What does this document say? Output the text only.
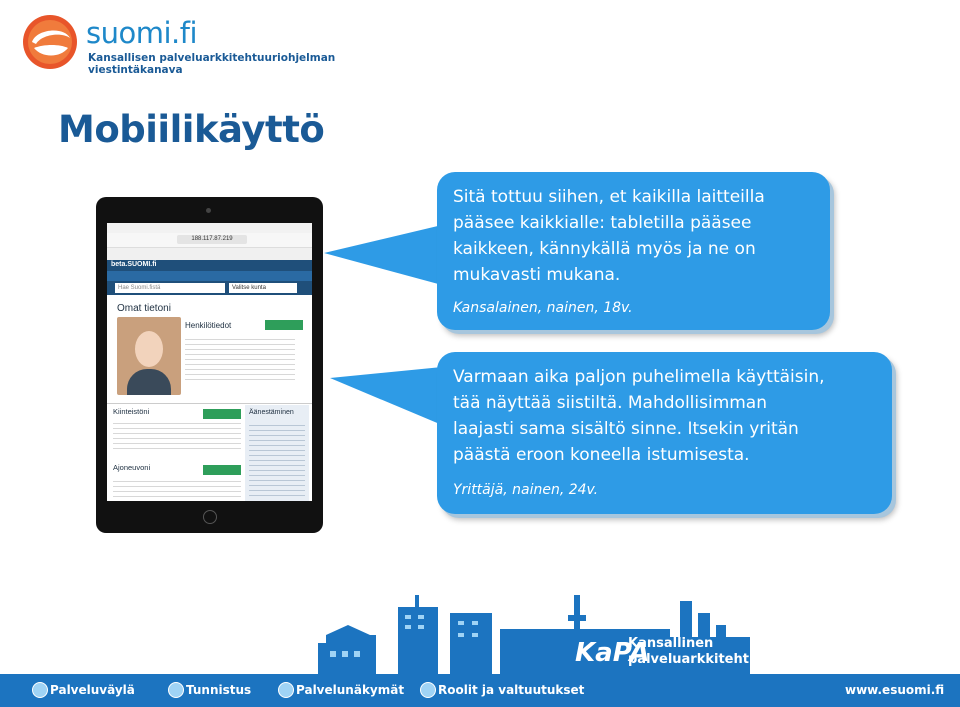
suomi.fi
Kansallisen palveluarkkitehtuuriohjelman
viestintäkanava
Mobiilikäyttö
188.117.87.219
beta.SUOMI.fi
Hae Suomi.fistä	Valitse kunta
Omat tietoni
Henkilötiedot
Kiinteistöni	Äänestäminen
Ajoneuvoni
Sitä tottuu siihen, et kaikilla laitteilla
pääsee kaikkialle: tabletilla pääsee
kaikkeen, kännykällä myös ja ne on
mukavasti mukana.
Kansalainen, nainen, 18v.
Varmaan aika paljon puhelimella käyttäisin,
tää näyttää siistiltä. Mahdollisimman
laajasti sama sisältö sinne. Itsekin yritän
päästä eroon koneella istumisesta.
Yrittäjä, nainen, 24v.
KaPA
Kansallinen
palveluarkkitehtuuri
Palveluväylä	Tunnistus	Palvelunäkymät	Roolit ja valtuutukset	www.esuomi.fi
